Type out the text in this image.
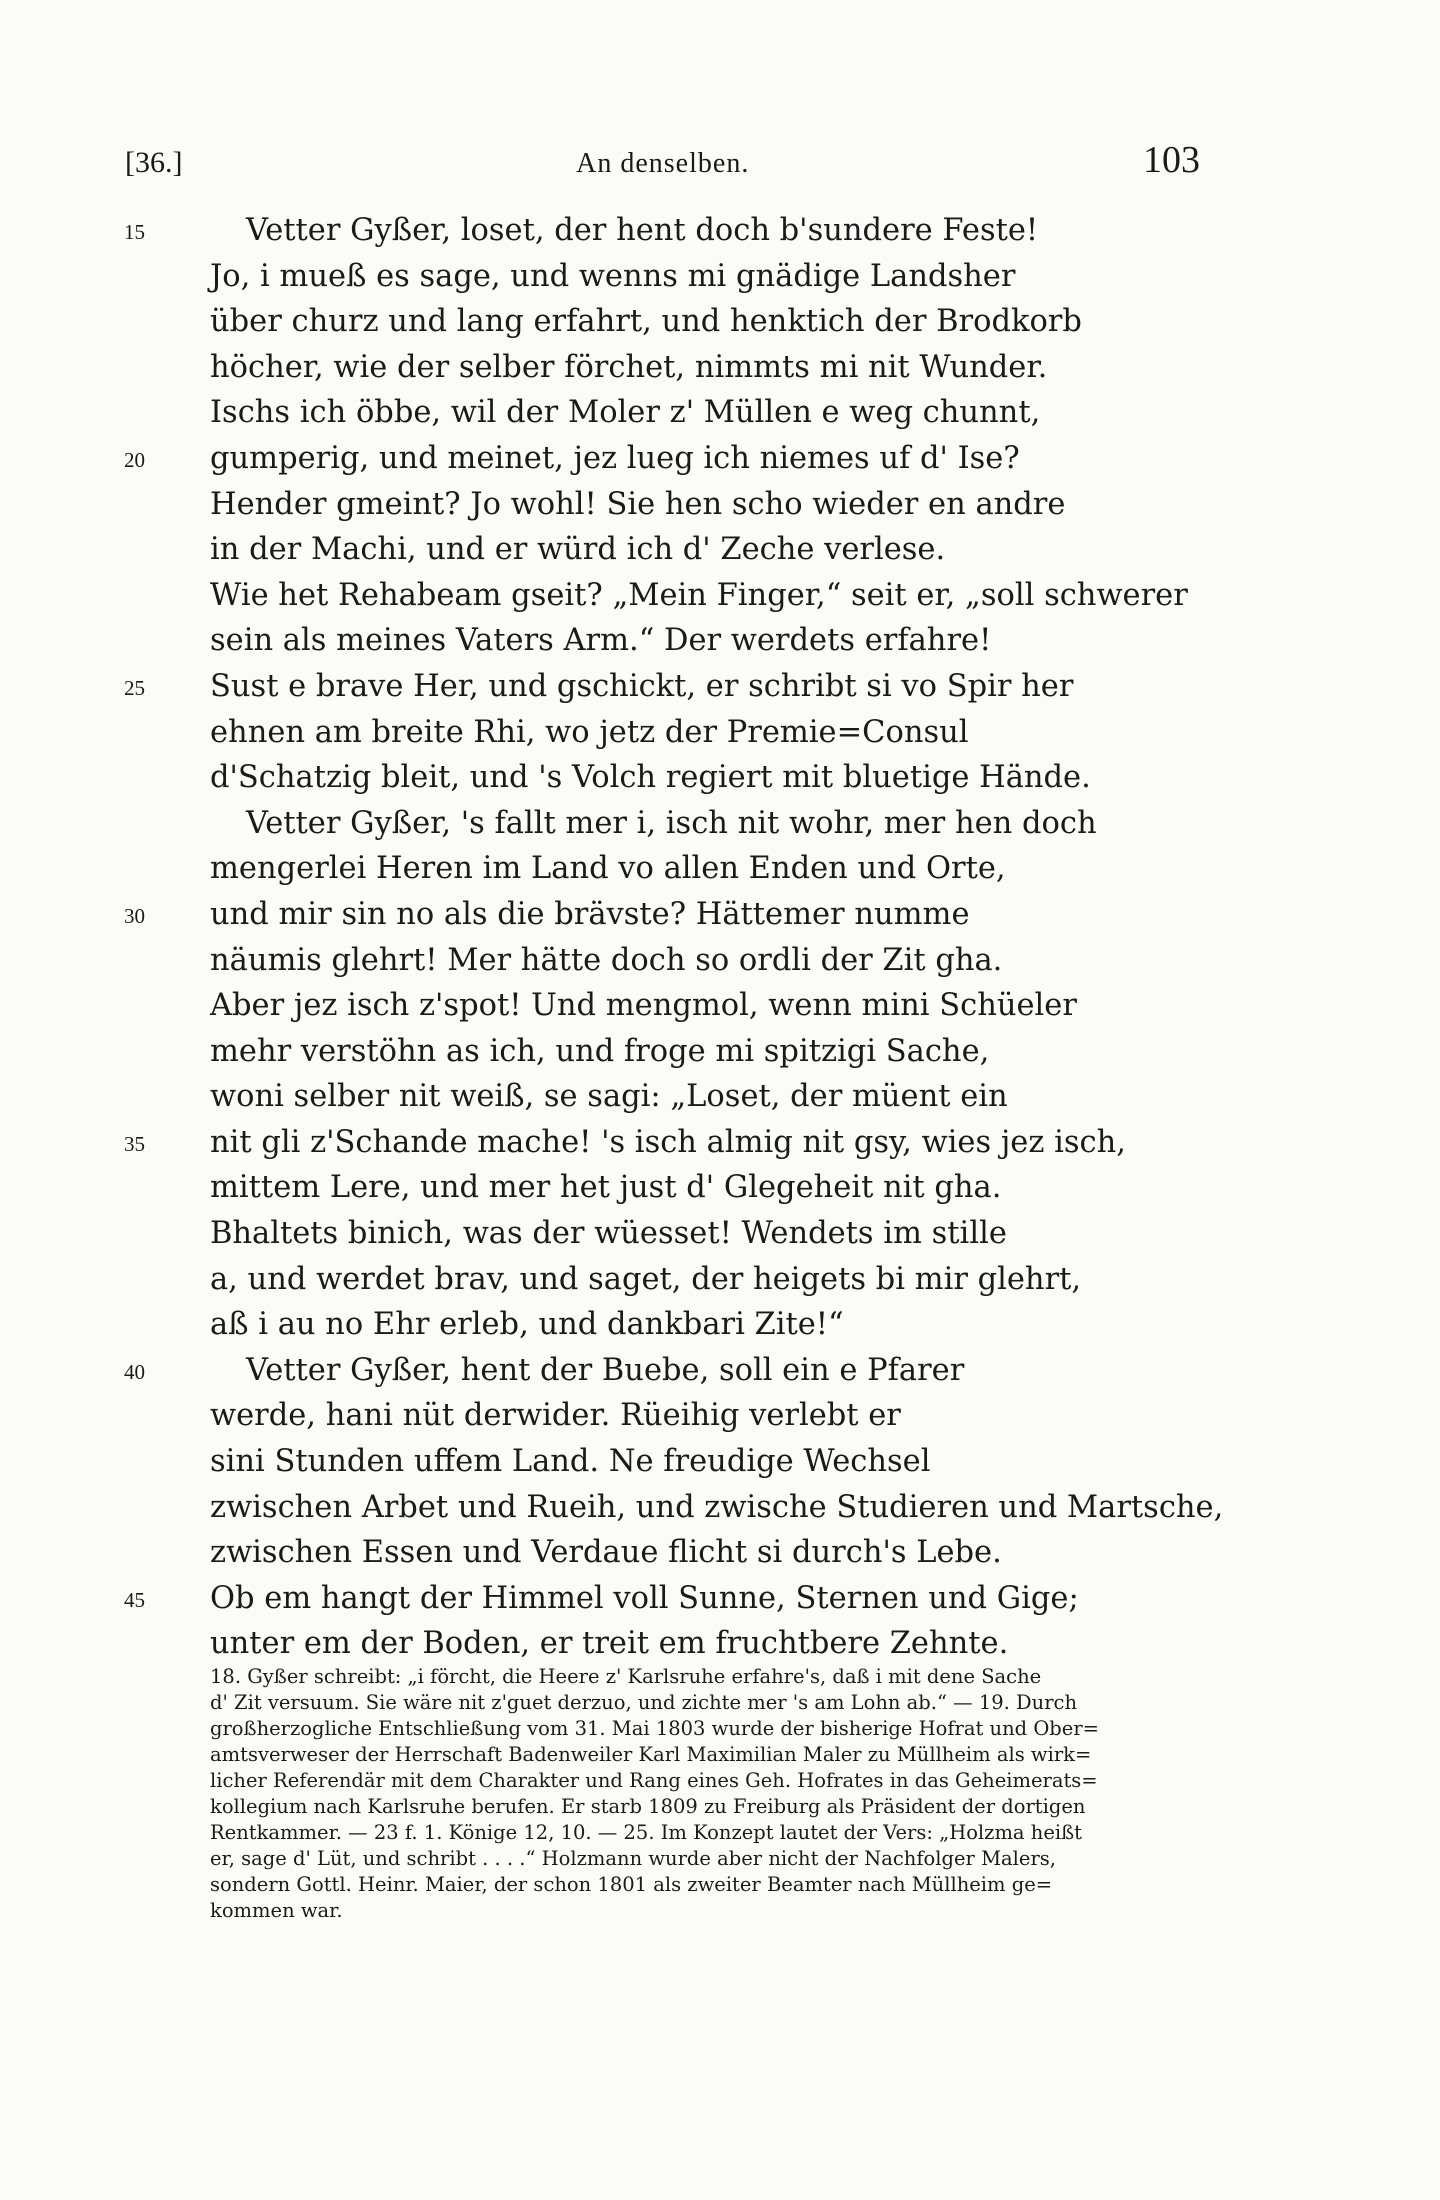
[36.]	An denselben.	103
15	Vetter Gyßer, loset, der hent doch b'sundere Feste!
Jo, i mueß es sage, und wenns mi gnädige Landsher
über churz und lang erfahrt, und henktich der Brodkorb
höcher, wie der selber förchet, nimmts mi nit Wunder.
Ischs ich öbbe, wil der Moler z' Müllen e weg chunnt,
20 gumperig, und meinet, jez lueg ich niemes uf d' Ise?
Hender gmeint? Jo wohl! Sie hen scho wieder en andre
in der Machi, und er würd ich d' Zeche verlese.
Wie het Rehabeam gseit? „Mein Finger,“ seit er, „soll schwerer
sein als meines Vaters Arm.“ Der werdets erfahre!
25 Sust e brave Her, und gschickt, er schribt si vo Spir her
ehnen am breite Rhi, wo jetz der Premie=Consul
d'Schatzig bleit, und 's Volch regiert mit bluetige Hände.
Vetter Gyßer, 's fallt mer i, isch nit wohr, mer hen doch
mengerlei Heren im Land vo allen Enden und Orte,
30 und mir sin no als die brävste? Hättemer numme
näumis glehrt! Mer hätte doch so ordli der Zit gha.
Aber jez isch z'spot! Und mengmol, wenn mini Schüeler
mehr verstöhn as ich, und froge mi spitzigi Sache,
woni selber nit weiß, se sagi: „Loset, der müent ein
35 nit gli z'Schande mache! 's isch almig nit gsy, wies jez isch,
mittem Lere, und mer het just d' Glegeheit nit gha.
Bhaltets binich, was der wüesset! Wendets im stille
a, und werdet brav, und saget, der heigets bi mir glehrt,
aß i au no Ehr erleb, und dankbari Zite!“
40	Vetter Gyßer, hent der Buebe, soll ein e Pfarer
werde, hani nüt derwider. Rüeihig verlebt er
sini Stunden uffem Land. Ne freudige Wechsel
zwischen Arbet und Rueih, und zwische Studieren und Martsche,
zwischen Essen und Verdaue flicht si durch's Lebe.
45 Ob em hangt der Himmel voll Sunne, Sternen und Gige;
unter em der Boden, er treit em fruchtbere Zehnte.
18. Gyßer schreibt: „i förcht, die Heere z' Karlsruhe erfahre's, daß i mit dene Sache
d' Zit versuum. Sie wäre nit z'guet derzuo, und zichte mer 's am Lohn ab.“ — 19. Durch
großherzogliche Entschließung vom 31. Mai 1803 wurde der bisherige Hofrat und Ober=
amtsverweser der Herrschaft Badenweiler Karl Maximilian Maler zu Müllheim als wirk=
licher Referendär mit dem Charakter und Rang eines Geh. Hofrates in das Geheimerats=
kollegium nach Karlsruhe berufen. Er starb 1809 zu Freiburg als Präsident der dortigen
Rentkammer. — 23 f. 1. Könige 12, 10. — 25. Im Konzept lautet der Vers: „Holzma heißt
er, sage d' Lüt, und schribt . . . .“ Holzmann wurde aber nicht der Nachfolger Malers,
sondern Gottl. Heinr. Maier, der schon 1801 als zweiter Beamter nach Müllheim ge=
kommen war.
